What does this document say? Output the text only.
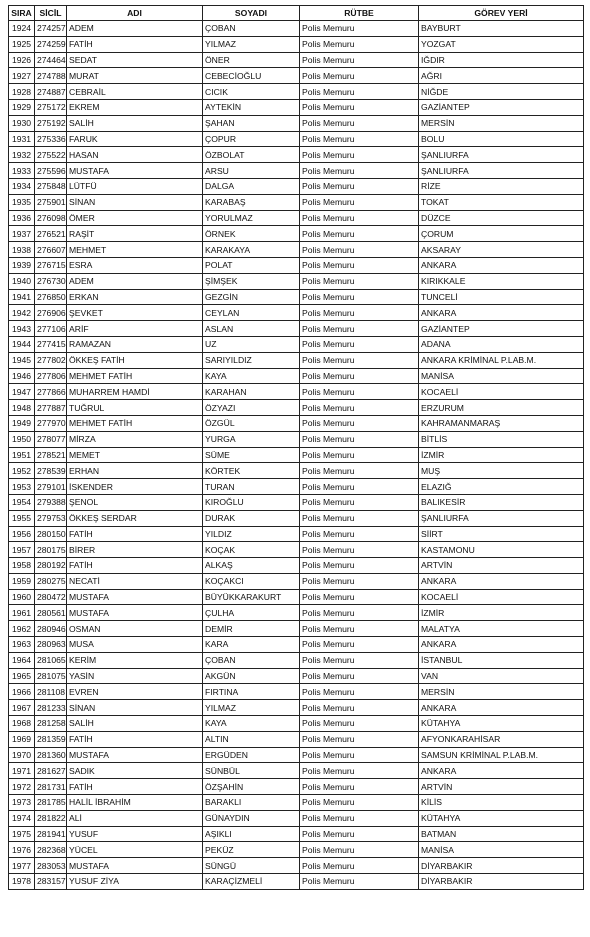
SIRA	SİCİL	ADI	SOYADI	RÜTBE	GÖREV YERİ
1924	274257	ADEM	ÇOBAN	Polis Memuru	BAYBURT
1925	274259	FATİH	YILMAZ	Polis Memuru	YOZGAT
1926	274464	SEDAT	ÖNER	Polis Memuru	IĞDIR
1927	274788	MURAT	CEBECİOĞLU	Polis Memuru	AĞRI
1928	274887	CEBRAİL	CICIK	Polis Memuru	NİĞDE
1929	275172	EKREM	AYTEKİN	Polis Memuru	GAZİANTEP
1930	275192	SALİH	ŞAHAN	Polis Memuru	MERSİN
1931	275336	FARUK	ÇOPUR	Polis Memuru	BOLU
1932	275522	HASAN	ÖZBOLAT	Polis Memuru	ŞANLIURFA
1933	275596	MUSTAFA	ARSU	Polis Memuru	ŞANLIURFA
1934	275848	LÜTFÜ	DALGA	Polis Memuru	RİZE
1935	275901	SİNAN	KARABAŞ	Polis Memuru	TOKAT
1936	276098	ÖMER	YORULMAZ	Polis Memuru	DÜZCE
1937	276521	RAŞİT	ÖRNEK	Polis Memuru	ÇORUM
1938	276607	MEHMET	KARAKAYA	Polis Memuru	AKSARAY
1939	276715	ESRA	POLAT	Polis Memuru	ANKARA
1940	276730	ADEM	ŞİMŞEK	Polis Memuru	KIRIKKALE
1941	276850	ERKAN	GEZGİN	Polis Memuru	TUNCELİ
1942	276906	ŞEVKET	CEYLAN	Polis Memuru	ANKARA
1943	277106	ARİF	ASLAN	Polis Memuru	GAZİANTEP
1944	277415	RAMAZAN	UZ	Polis Memuru	ADANA
1945	277802	ÖKKEŞ FATİH	SARIYILDIZ	Polis Memuru	ANKARA KRİMİNAL P.LAB.M.
1946	277806	MEHMET FATİH	KAYA	Polis Memuru	MANİSA
1947	277866	MUHARREM HAMDİ	KARAHAN	Polis Memuru	KOCAELİ
1948	277887	TUĞRUL	ÖZYAZI	Polis Memuru	ERZURUM
1949	277970	MEHMET FATİH	ÖZGÜL	Polis Memuru	KAHRAMANMARAŞ
1950	278077	MİRZA	YURGA	Polis Memuru	BİTLİS
1951	278521	MEMET	SÜME	Polis Memuru	İZMİR
1952	278539	ERHAN	KÖRTEK	Polis Memuru	MUŞ
1953	279101	İSKENDER	TURAN	Polis Memuru	ELAZIĞ
1954	279388	ŞENOL	KIROĞLU	Polis Memuru	BALIKESİR
1955	279753	ÖKKEŞ SERDAR	DURAK	Polis Memuru	ŞANLIURFA
1956	280150	FATİH	YILDIZ	Polis Memuru	SİİRT
1957	280175	BİRER	KOÇAK	Polis Memuru	KASTAMONU
1958	280192	FATİH	ALKAŞ	Polis Memuru	ARTVİN
1959	280275	NECATİ	KOÇAKCI	Polis Memuru	ANKARA
1960	280472	MUSTAFA	BÜYÜKKARAKURT	Polis Memuru	KOCAELİ
1961	280561	MUSTAFA	ÇULHA	Polis Memuru	İZMİR
1962	280946	OSMAN	DEMİR	Polis Memuru	MALATYA
1963	280963	MUSA	KARA	Polis Memuru	ANKARA
1964	281065	KERİM	ÇOBAN	Polis Memuru	İSTANBUL
1965	281075	YASİN	AKGÜN	Polis Memuru	VAN
1966	281108	EVREN	FIRTINA	Polis Memuru	MERSİN
1967	281233	SİNAN	YILMAZ	Polis Memuru	ANKARA
1968	281258	SALİH	KAYA	Polis Memuru	KÜTAHYA
1969	281359	FATİH	ALTIN	Polis Memuru	AFYONKARAHİSAR
1970	281360	MUSTAFA	ERGÜDEN	Polis Memuru	SAMSUN KRİMİNAL P.LAB.M.
1971	281627	SADIK	SÜNBÜL	Polis Memuru	ANKARA
1972	281731	FATİH	ÖZŞAHİN	Polis Memuru	ARTVİN
1973	281785	HALİL İBRAHİM	BARAKLI	Polis Memuru	KİLİS
1974	281822	ALİ	GÜNAYDIN	Polis Memuru	KÜTAHYA
1975	281941	YUSUF	AŞIKLI	Polis Memuru	BATMAN
1976	282368	YÜCEL	PEKÜZ	Polis Memuru	MANİSA
1977	283053	MUSTAFA	SÜNGÜ	Polis Memuru	DİYARBAKIR
1978	283157	YUSUF ZİYA	KARAÇİZMELİ	Polis Memuru	DİYARBAKIR
